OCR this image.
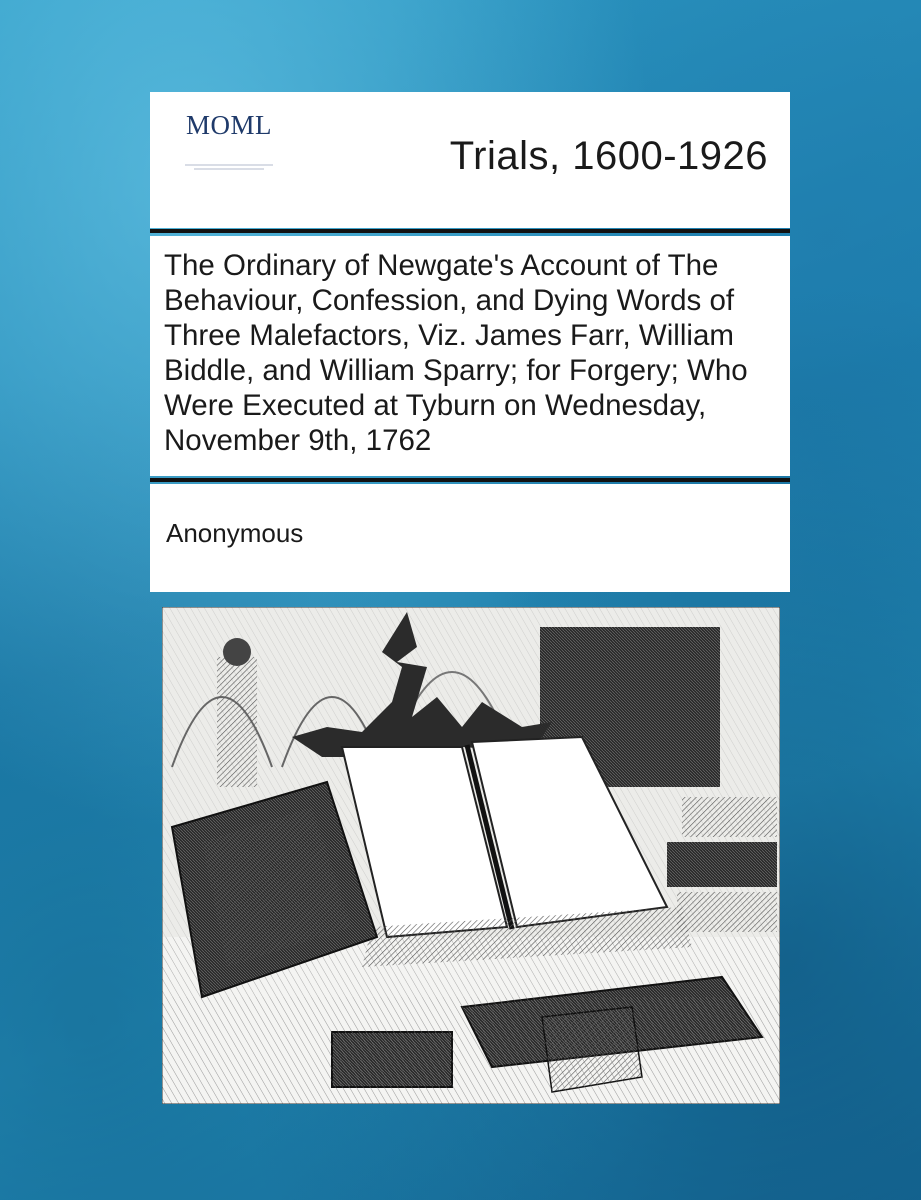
MOML

Trials, 1600-1926
The Ordinary of Newgate's Account of The Behaviour, Confession, and Dying Words of Three Malefactors, Viz. James Farr, William Biddle, and William Sparry; for Forgery; Who Were Executed at Tyburn on Wednesday, November 9th, 1762
Anonymous
